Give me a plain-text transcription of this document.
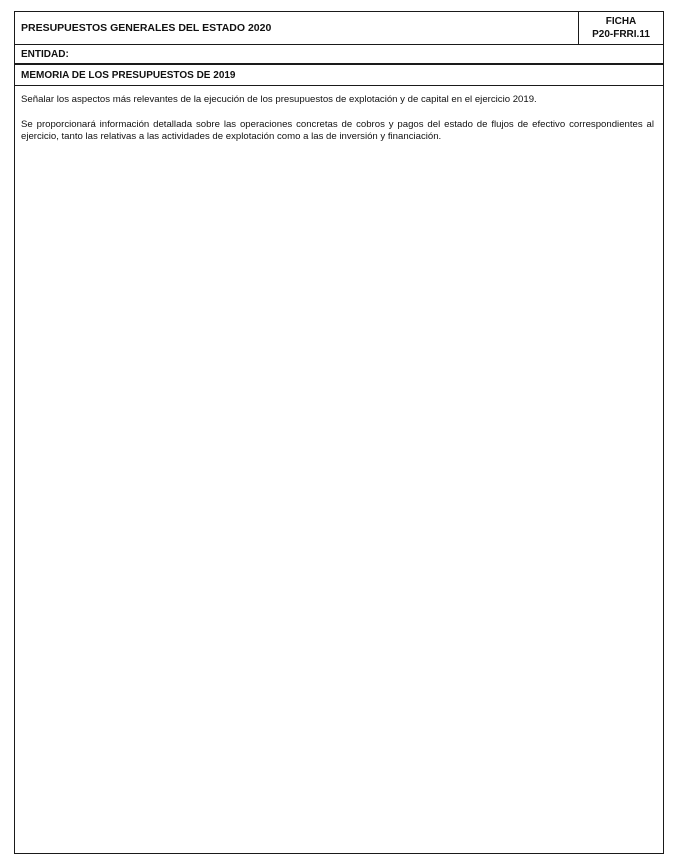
PRESUPUESTOS GENERALES DEL ESTADO 2020
FICHA
P20-FRRI.11
ENTIDAD:
MEMORIA DE LOS PRESUPUESTOS DE 2019

Señalar los aspectos más relevantes de la ejecución de los presupuestos de explotación y de capital en el ejercicio 2019.

Se proporcionará información detallada sobre las operaciones concretas de cobros y pagos del estado de flujos de efectivo correspondientes al ejercicio, tanto las relativas a las actividades de explotación como a las de inversión y financiación.
